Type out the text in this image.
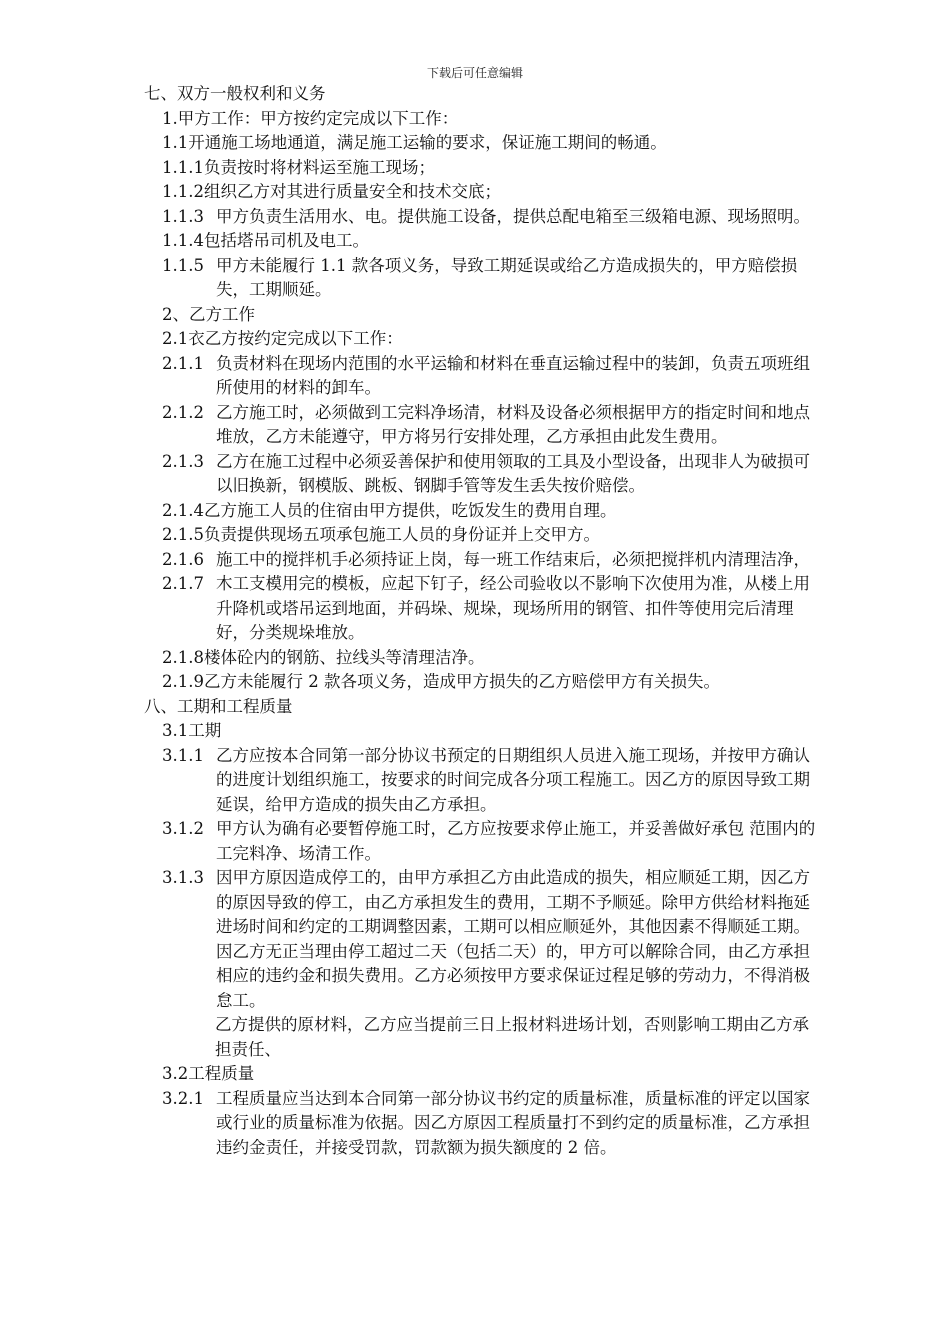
下载后可任意编辑
七、双方一般权利和义务
1. 甲方工作：甲方按约定完成以下工作：
1.1 开通施工场地通道，满足施工运输的要求，保证施工期间的畅通。
1.1.1 负责按时将材料运至施工现场；
1.1.2 组织乙方对其进行质量安全和技术交底；
1.1.3 甲方负责生活用水、电。提供施工设备，提供总配电箱至三级箱电源、现场照明。
1.1.4 包括塔吊司机及电工。
1.1.5 甲方未能履行 1.1 款各项义务，导致工期延误或给乙方造成损失的，甲方赔偿损失，工期顺延。
2、 乙方工作
2.1 衣乙方按约定完成以下工作：
2.1.1 负责材料在现场内范围的水平运输和材料在垂直运输过程中的装卸，负责五项班组所使用的材料的卸车。
2.1.2 乙方施工时，必须做到工完料净场清，材料及设备必须根据甲方的指定时间和地点堆放，乙方未能遵守，甲方将另行安排处理，乙方承担由此发生费用。
2.1.3 乙方在施工过程中必须妥善保护和使用领取的工具及小型设备，出现非人为破损可以旧换新，钢模版、跳板、钢脚手管等发生丢失按价赔偿。
2.1.4 乙方施工人员的住宿由甲方提供，吃饭发生的费用自理。
2.1.5 负责提供现场五项承包施工人员的身份证并上交甲方。
2.1.6 施工中的搅拌机手必须持证上岗，每一班工作结束后，必须把搅拌机内清理洁净，
2.1.7 木工支模用完的模板，应起下钉子，经公司验收以不影响下次使用为准，从楼上用升降机或塔吊运到地面，并码垛、规垛，现场所用的钢管、扣件等使用完后清理好，分类规垛堆放。
2.1.8 楼体砼内的钢筋、拉线头等清理洁净。
2.1.9 乙方未能履行 2 款各项义务，造成甲方损失的乙方赔偿甲方有关损失。
八、工期和工程质量
3.1 工期
3.1.1 乙方应按本合同第一部分协议书预定的日期组织人员进入施工现场，并按甲方确认的进度计划组织施工，按要求的时间完成各分项工程施工。因乙方的原因导致工期延误，给甲方造成的损失由乙方承担。
3.1.2 甲方认为确有必要暂停施工时，乙方应按要求停止施工，并妥善做好承包 范围内的工完料净、场清工作。
3.1.3 因甲方原因造成停工的，由甲方承担乙方由此造成的损失，相应顺延工期，因乙方的原因导致的停工，由乙方承担发生的费用，工期不予顺延。除甲方供给材料拖延进场时间和约定的工期调整因素，工期可以相应顺延外，其他因素不得顺延工期。因乙方无正当理由停工超过二天（包括二天）的，甲方可以解除合同，由乙方承担相应的违约金和损失费用。乙方必须按甲方要求保证过程足够的劳动力，不得消极怠工。
乙方提供的原材料，乙方应当提前三日上报材料进场计划，否则影响工期由乙方承担责任、
3.2 工程质量
3.2.1 工程质量应当达到本合同第一部分协议书约定的质量标准，质量标准的评定以国家或行业的质量标准为依据。因乙方原因工程质量打不到约定的质量标准，乙方承担违约金责任，并接受罚款，罚款额为损失额度的 2 倍。
